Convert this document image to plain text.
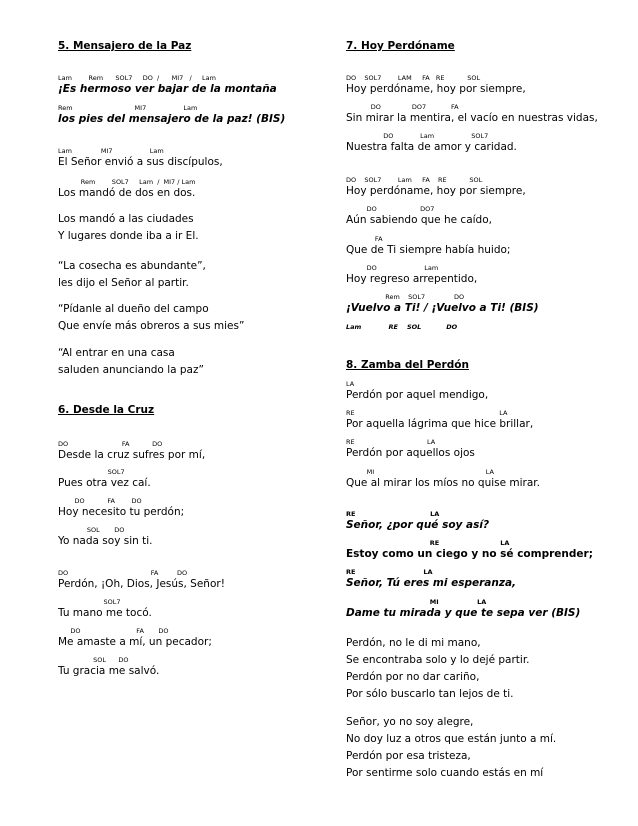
5. Mensajero de la Paz
Lam        Rem      SOL7     DO  /      MI7   /     Lam
¡Es hermoso ver bajar de la montaña
Rem                              MI7                  Lam
los pies del mensajero de la paz! (BIS)
Lam              MI7                  Lam
El Señor envió a sus discípulos,
Rem        SOL7     Lam  /  MI7 / Lam
Los mandó de dos en dos.
Los mandó a las ciudades
Y lugares donde iba a ir El.
“La cosecha es abundante”,
les dijo el Señor al partir.
“Pídanle al dueño del campo
Que envíe más obreros a sus mies”
“Al entrar en una casa
saluden anunciando la paz”
6. Desde la Cruz
DO                          FA           DO
Desde la cruz sufres por mí,
SOL7
Pues otra vez caí.
DO           FA        DO
Hoy necesito tu perdón;
SOL       DO
Yo nada soy sin ti.
DO                                        FA         DO
Perdón, ¡Oh, Dios, Jesús, Señor!
SOL7
Tu mano me tocó.
DO                           FA       DO
Me amaste a mí, un pecador;
SOL      DO
Tu gracia me salvó.
7. Hoy Perdóname
DO    SOL7        LAM     FA   RE           SOL
Hoy perdóname, hoy por siempre,
DO               DO7            FA
Sin mirar la mentira, el vacío en nuestras vidas,
DO             Lam                  SOL7
Nuestra falta de amor y caridad.
DO    SOL7        Lam     FA    RE           SOL
Hoy perdóname, hoy por siempre,
DO                     DO7
Aún sabiendo que he caído,
FA
Que de Ti siempre había huido;
DO                       Lam
Hoy regreso arrepentido,
Rem    SOL7              DO
¡Vuelvo a Ti! / ¡Vuelvo a Ti! (BIS)
Lam            RE    SOL           DO
8. Zamba del Perdón
LA
Perdón por aquel mendigo,
RE                                                                      LA
Por aquella lágrima que hice brillar,
RE                                   LA
Perdón por aquellos ojos
MI                                                      LA
Que al mirar los míos no quise mirar.
RE                                 LA
Señor, ¿por qué soy así?
RE                           LA
Estoy como un ciego y no sé comprender;
RE                              LA
Señor, Tú eres mi esperanza,
MI                 LA
Dame tu mirada y que te sepa ver (BIS)
Perdón, no le di mi mano,
Se encontraba solo y lo dejé partir.
Perdón por no dar cariño,
Por sólo buscarlo tan lejos de ti.
Señor, yo no soy alegre,
No doy luz a otros que están junto a mí.
Perdón por esa tristeza,
Por sentirme solo cuando estás en mí
